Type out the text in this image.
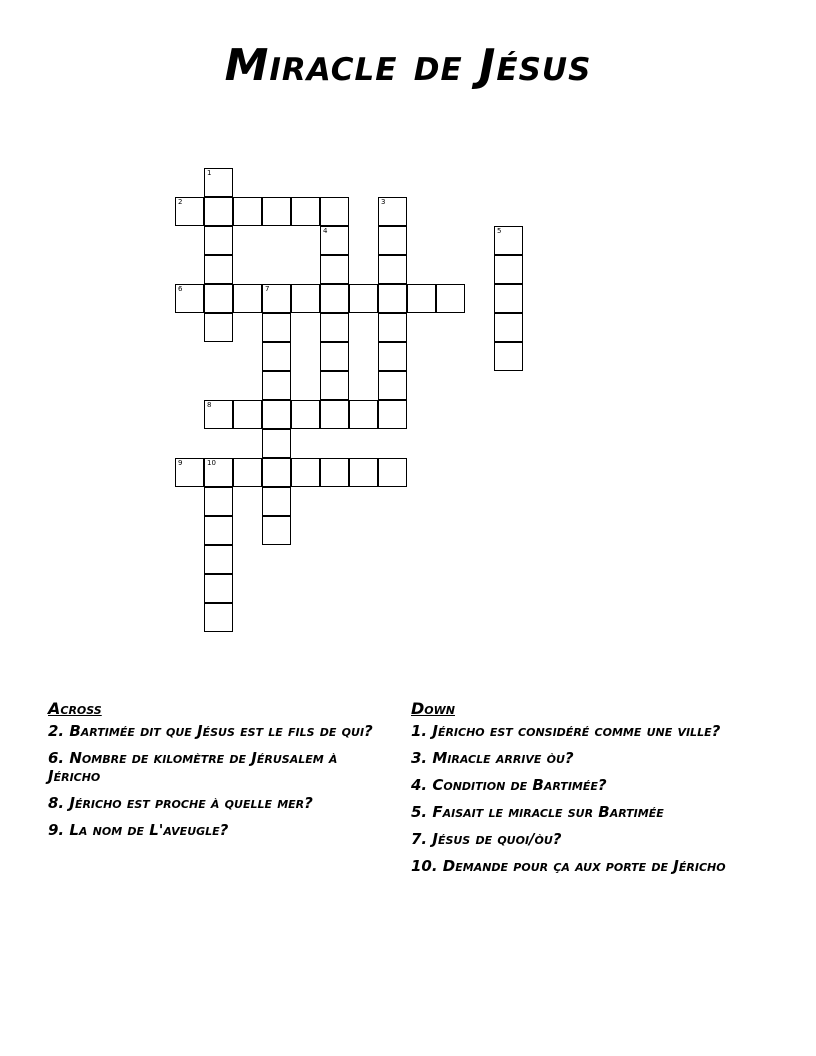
Miracle de Jésus
1
2	3
4	5
6	7
8
9	10
Across
2. Bartimée dit que Jésus est le fils de qui?
6. Nombre de kilomètre de Jérusalem à Jéricho
8. Jéricho est proche à quelle mer?
9. La nom de L'aveugle?
Down
1. Jéricho est considéré comme une ville?
3. Miracle arrive òu?
4. Condition de Bartimée?
5. Faisait le miracle sur Bartimée
7. Jésus de quoi/òu?
10. Demande pour ça aux porte de Jéricho
